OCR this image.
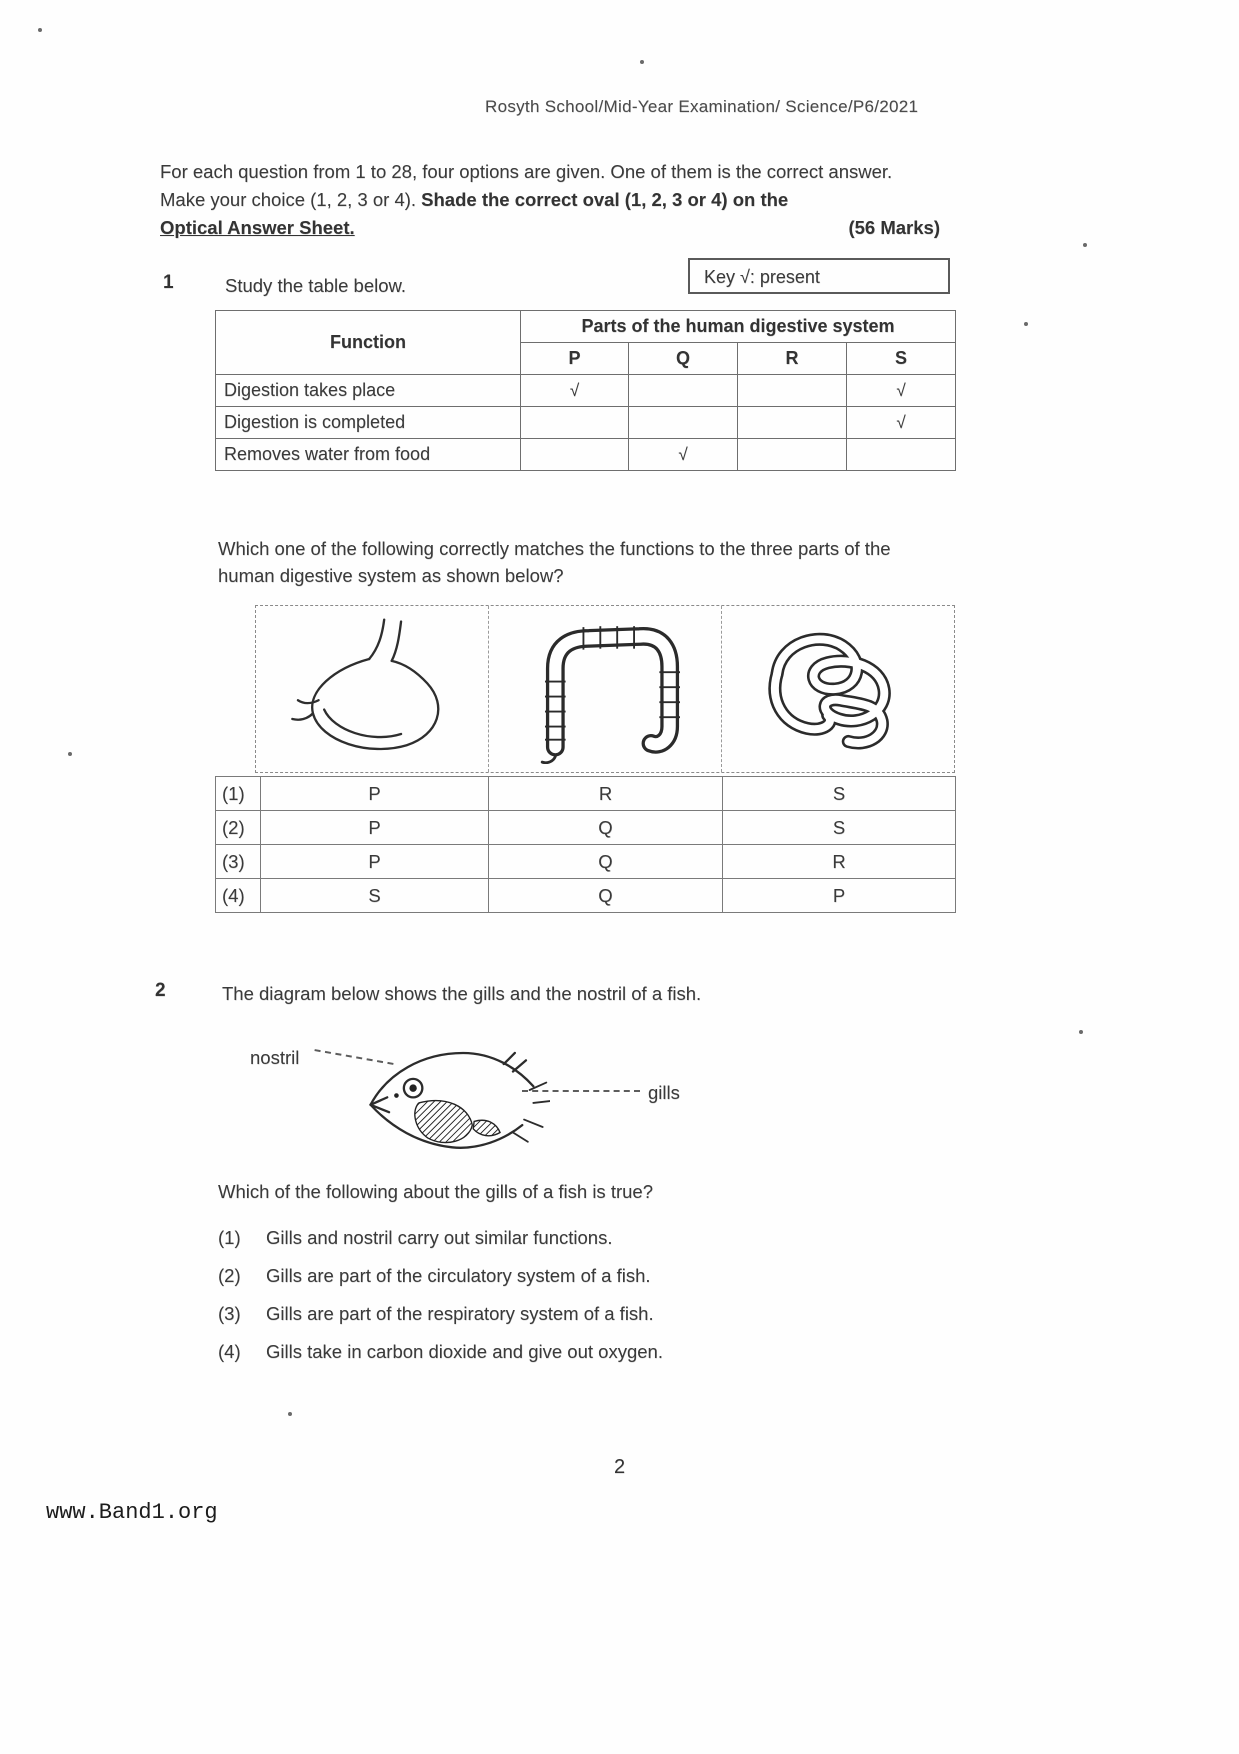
Rosyth School/Mid-Year Examination/ Science/P6/2021
For each question from 1 to 28, four options are given. One of them is the correct answer. Make your choice (1, 2, 3 or 4). Shade the correct oval (1, 2, 3 or 4) on the
Optical Answer Sheet.	(56 Marks)
1	Study the table below.	Key √: present
Function	Parts of the human digestive system			
	P	Q	R	S
Digestion takes place	√			√
Digestion is completed				√
Removes water from food		√		
Which one of the following correctly matches the functions to the three parts of the human digestive system as shown below?
(1)	P	R	S
(2)	P	Q	S
(3)	P	Q	R
(4)	S	Q	P
2	The diagram below shows the gills and the nostril of a fish.
nostril
gills
Which of the following about the gills of a fish is true?
(1)	Gills and nostril carry out similar functions.
(2)	Gills are part of the circulatory system of a fish.
(3)	Gills are part of the respiratory system of a fish.
(4)	Gills take in carbon dioxide and give out oxygen.
2
www.Band1.org
